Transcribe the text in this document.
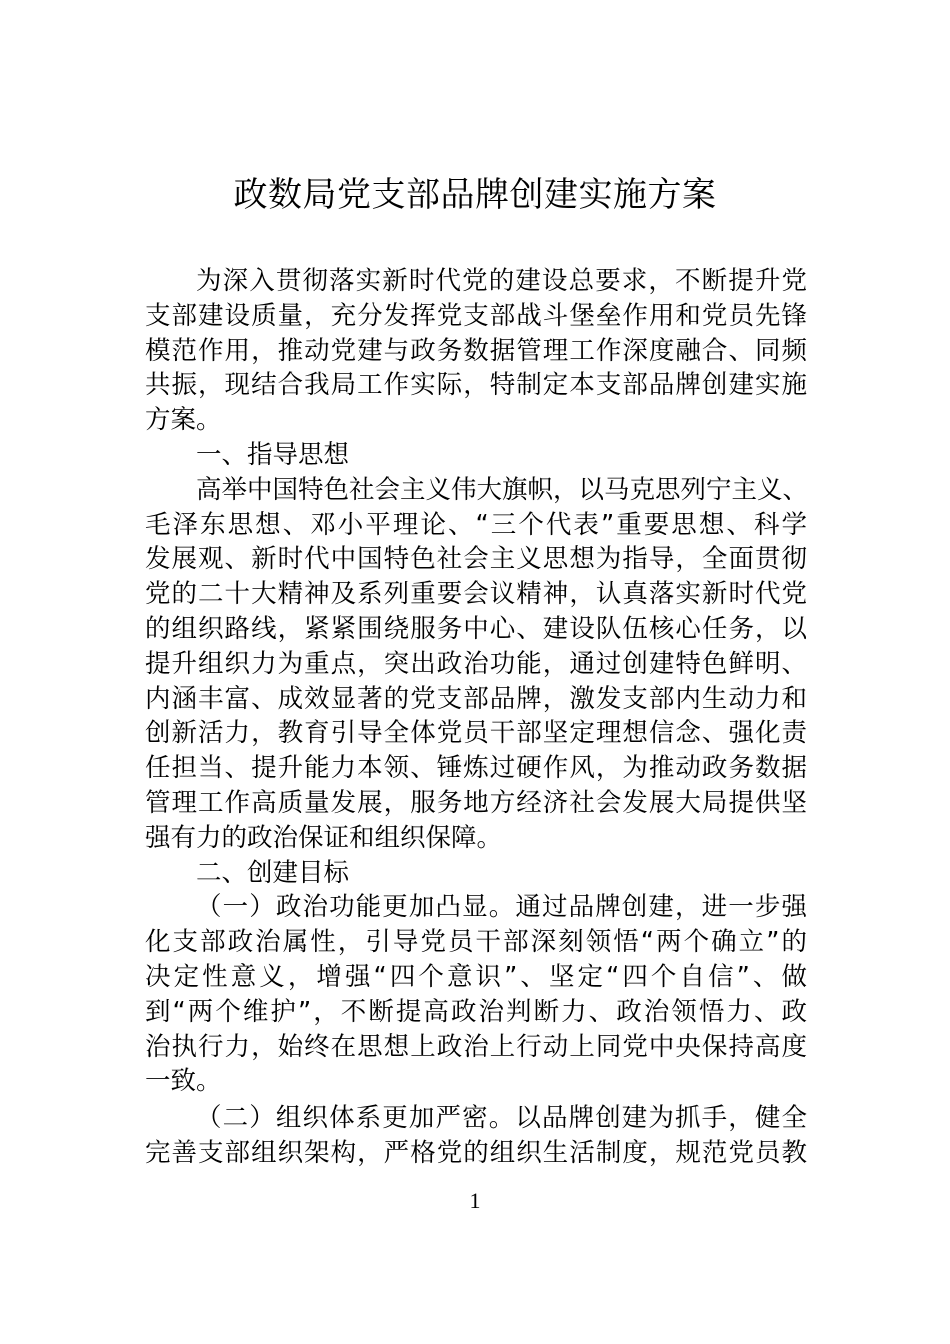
政数局党支部品牌创建实施方案
为深入贯彻落实新时代党的建设总要求，不断提升党
支部建设质量，充分发挥党支部战斗堡垒作用和党员先锋
模范作用，推动党建与政务数据管理工作深度融合、同频
共振，现结合我局工作实际，特制定本支部品牌创建实施
方案。
一、指导思想
高举中国特色社会主义伟大旗帜，以马克思列宁主义、
毛泽东思想、邓小平理论、“三个代表”重要思想、科学
发展观、新时代中国特色社会主义思想为指导，全面贯彻
党的二十大精神及系列重要会议精神，认真落实新时代党
的组织路线，紧紧围绕服务中心、建设队伍核心任务，以
提升组织力为重点，突出政治功能，通过创建特色鲜明、
内涵丰富、成效显著的党支部品牌，激发支部内生动力和
创新活力，教育引导全体党员干部坚定理想信念、强化责
任担当、提升能力本领、锤炼过硬作风，为推动政务数据
管理工作高质量发展，服务地方经济社会发展大局提供坚
强有力的政治保证和组织保障。
二、创建目标
（一）政治功能更加凸显。通过品牌创建，进一步强
化支部政治属性，引导党员干部深刻领悟“两个确立”的
决定性意义，增强“四个意识”、坚定“四个自信”、做
到“两个维护”，不断提高政治判断力、政治领悟力、政
治执行力，始终在思想上政治上行动上同党中央保持高度
一致。
（二）组织体系更加严密。以品牌创建为抓手，健全
完善支部组织架构，严格党的组织生活制度，规范党员教
1
